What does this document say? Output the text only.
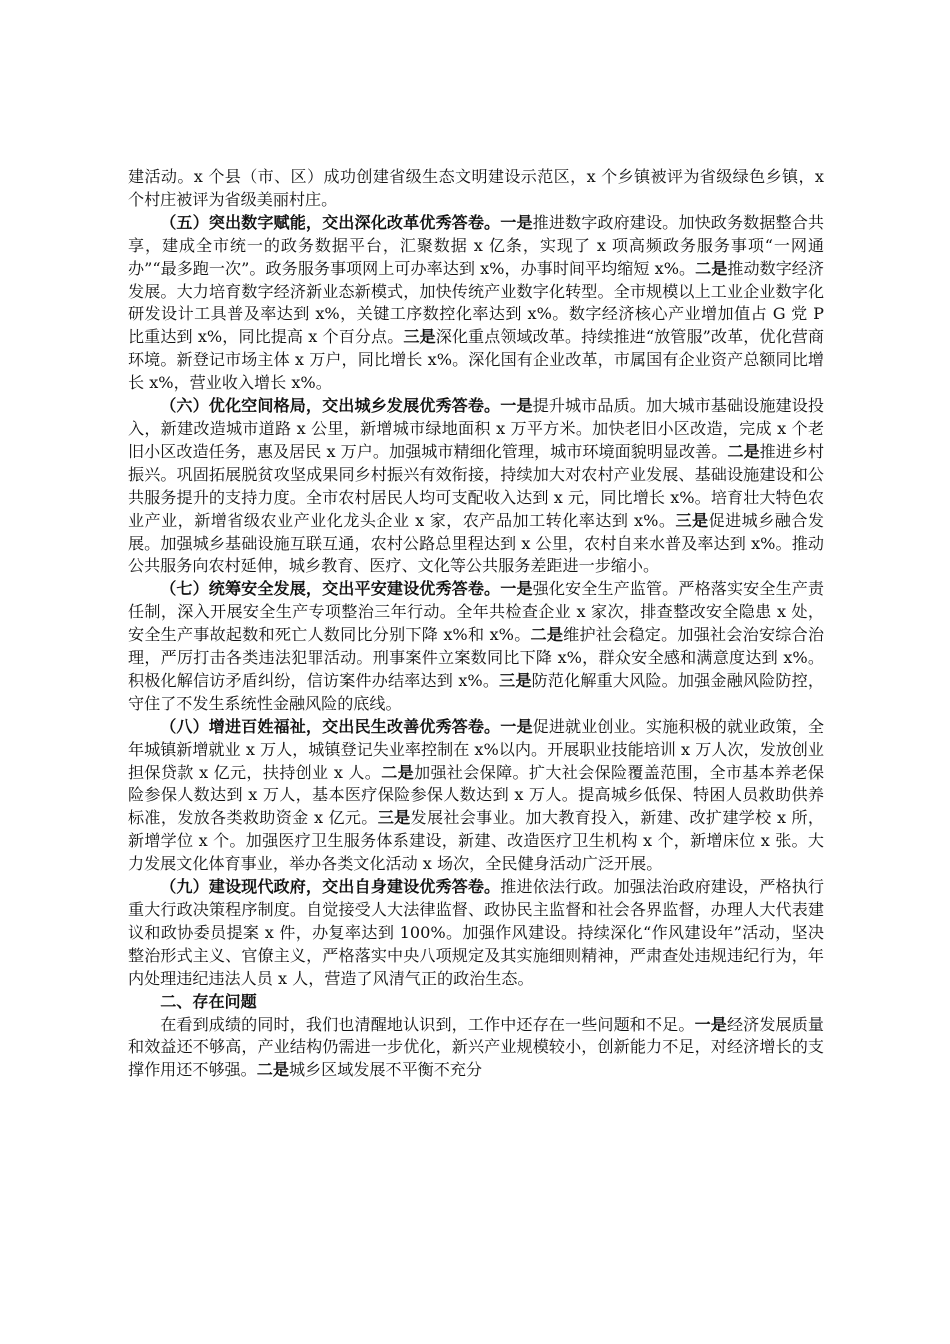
建活动。x 个县（市、区）成功创建省级生态文明建设示范区，x 个乡镇被评为省级绿色乡镇，x 个村庄被评为省级美丽村庄。

（五）突出数字赋能，交出深化改革优秀答卷。一是推进数字政府建设。加快政务数据整合共享，建成全市统一的政务数据平台，汇聚数据 x 亿条，实现了 x 项高频政务服务事项“一网通办”“最多跑一次”。政务服务事项网上可办率达到 x%，办事时间平均缩短 x%。二是推动数字经济发展。大力培育数字经济新业态新模式，加快传统产业数字化转型。全市规模以上工业企业数字化研发设计工具普及率达到 x%，关键工序数控化率达到 x%。数字经济核心产业增加值占 G 党 P 比重达到 x%，同比提高 x 个百分点。三是深化重点领域改革。持续推进“放管服”改革，优化营商环境。新登记市场主体 x 万户，同比增长 x%。深化国有企业改革，市属国有企业资产总额同比增长 x%，营业收入增长 x%。

（六）优化空间格局，交出城乡发展优秀答卷。一是提升城市品质。加大城市基础设施建设投入，新建改造城市道路 x 公里，新增城市绿地面积 x 万平方米。加快老旧小区改造，完成 x 个老旧小区改造任务，惠及居民 x 万户。加强城市精细化管理，城市环境面貌明显改善。二是推进乡村振兴。巩固拓展脱贫攻坚成果同乡村振兴有效衔接，持续加大对农村产业发展、基础设施建设和公共服务提升的支持力度。全市农村居民人均可支配收入达到 x 元，同比增长 x%。培育壮大特色农业产业，新增省级农业产业化龙头企业 x 家，农产品加工转化率达到 x%。三是促进城乡融合发展。加强城乡基础设施互联互通，农村公路总里程达到 x 公里，农村自来水普及率达到 x%。推动公共服务向农村延伸，城乡教育、医疗、文化等公共服务差距进一步缩小。

（七）统筹安全发展，交出平安建设优秀答卷。一是强化安全生产监管。严格落实安全生产责任制，深入开展安全生产专项整治三年行动。全年共检查企业 x 家次，排查整改安全隐患 x 处，安全生产事故起数和死亡人数同比分别下降 x%和 x%。二是维护社会稳定。加强社会治安综合治理，严厉打击各类违法犯罪活动。刑事案件立案数同比下降 x%，群众安全感和满意度达到 x%。积极化解信访矛盾纠纷，信访案件办结率达到 x%。三是防范化解重大风险。加强金融风险防控，守住了不发生系统性金融风险的底线。

（八）增进百姓福祉，交出民生改善优秀答卷。一是促进就业创业。实施积极的就业政策，全年城镇新增就业 x 万人，城镇登记失业率控制在 x%以内。开展职业技能培训 x 万人次，发放创业担保贷款 x 亿元，扶持创业 x 人。二是加强社会保障。扩大社会保险覆盖范围，全市基本养老保险参保人数达到 x 万人，基本医疗保险参保人数达到 x 万人。提高城乡低保、特困人员救助供养标准，发放各类救助资金 x 亿元。三是发展社会事业。加大教育投入，新建、改扩建学校 x 所，新增学位 x 个。加强医疗卫生服务体系建设，新建、改造医疗卫生机构 x 个，新增床位 x 张。大力发展文化体育事业，举办各类文化活动 x 场次，全民健身活动广泛开展。

（九）建设现代政府，交出自身建设优秀答卷。推进依法行政。加强法治政府建设，严格执行重大行政决策程序制度。自觉接受人大法律监督、政协民主监督和社会各界监督，办理人大代表建议和政协委员提案 x 件，办复率达到 100%。加强作风建设。持续深化“作风建设年”活动，坚决整治形式主义、官僚主义，严格落实中央八项规定及其实施细则精神，严肃查处违规违纪行为，年内处理违纪违法人员 x 人，营造了风清气正的政治生态。

二、存在问题

在看到成绩的同时，我们也清醒地认识到，工作中还存在一些问题和不足。一是经济发展质量和效益还不够高，产业结构仍需进一步优化，新兴产业规模较小，创新能力不足，对经济增长的支撑作用还不够强。二是城乡区域发展不平衡不充分
